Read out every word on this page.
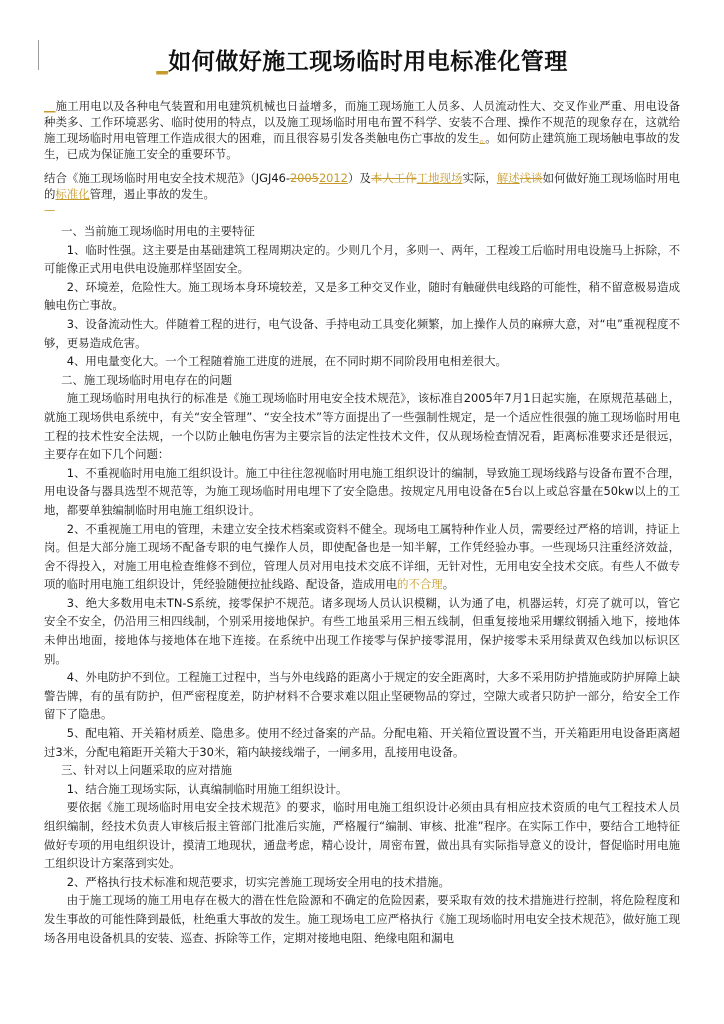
_如何做好施工现场临时用电标准化管理

__施工用电以及各种电气装置和用电建筑机械也日益增多，而施工现场施工人员多、人员流动性大、交叉作业严重、用电设备种类多、工作环境恶劣、临时使用的特点，以及施工现场临时用电布置不科学、安装不合理、操作不规范的现象存在，这就给施工现场临时用电管理工作造成很大的困难，而且很容易引发各类触电伤亡事故的发生。。如何防止建筑施工现场触电事故的发生，已成为保证施工安全的重要环节。

结合《施工现场临时用电安全技术规范》（JGJ46-20052012）及本人工作工地现场实际，解述浅谈如何做好施工现场临时用电的标准化管理，遏止事故的发生。
—

一、当前施工现场临时用电的主要特征

1、临时性强。这主要是由基础建筑工程周期决定的。少则几个月，多则一、两年，工程竣工后临时用电设施马上拆除，不可能像正式用电供电设施那样坚固安全。

2、环境差，危险性大。施工现场本身环境较差，又是多工种交叉作业，随时有触碰供电线路的可能性，稍不留意极易造成触电伤亡事故。

3、设备流动性大。伴随着工程的进行，电气设备、手持电动工具变化频繁，加上操作人员的麻痹大意，对“电”重视程度不够，更易造成危害。

4、用电量变化大。一个工程随着施工进度的进展，在不同时期不同阶段用电相差很大。

二、施工现场临时用电存在的问题

施工现场临时用电执行的标准是《施工现场临时用电安全技术规范》，该标准自2005年7月1日起实施，在原规范基础上，就施工现场供电系统中，有关“安全管理”、“安全技术”等方面提出了一些强制性规定，是一个适应性很强的施工现场临时用电工程的技术性安全法规，一个以防止触电伤害为主要宗旨的法定性技术文件，仅从现场检查情况看，距离标准要求还是很远，主要存在如下几个问题：

1、不重视临时用电施工组织设计。施工中往往忽视临时用电施工组织设计的编制，导致施工现场线路与设备布置不合理，用电设备与器具选型不规范等，为施工现场临时用电埋下了安全隐患。按规定凡用电设备在5台以上或总容量在50kw以上的工地，都要单独编制临时用电施工组织设计。

2、不重视施工用电的管理，未建立安全技术档案或资料不健全。现场电工属特种作业人员，需要经过严格的培训，持证上岗。但是大部分施工现场不配备专职的电气操作人员，即使配备也是一知半解，工作凭经验办事。一些现场只注重经济效益，舍不得投入，对施工用电检查维修不到位，管理人员对用电技术交底不详细，无针对性，无用电安全技术交底。有些人不做专项的临时用电施工组织设计，凭经验随便拉扯线路、配设备，造成用电的不合理。

3、绝大多数用电未TN-S系统，接零保护不规范。诸多现场人员认识模糊，认为通了电，机器运转，灯亮了就可以，管它安全不安全，仍沿用三相四线制，个别采用接地保护。有些工地虽采用三相五线制，但重复接地采用螺纹钢插入地下，接地体未伸出地面，接地体与接地体在地下连接。在系统中出现工作接零与保护接零混用，保护接零未采用绿黄双色线加以标识区别。

4、外电防护不到位。工程施工过程中，当与外电线路的距离小于规定的安全距离时，大多不采用防护措施或防护屏障上缺警告牌，有的虽有防护，但严密程度差，防护材料不合要求难以阻止坚硬物品的穿过，空隙大或者只防护一部分，给安全工作留下了隐患。

5、配电箱、开关箱材质差、隐患多。使用不经过备案的产品。分配电箱、开关箱位置设置不当，开关箱距用电设备距离超过3米，分配电箱距开关箱大于30米，箱内缺接线端子，一闸多用，乱接用电设备。

三、针对以上问题采取的应对措施

1、结合施工现场实际，认真编制临时用施工组织设计。

要依据《施工现场临时用电安全技术规范》的要求，临时用电施工组织设计必须由具有相应技术资质的电气工程技术人员组织编制，经技术负责人审核后报主管部门批准后实施，严格履行“编制、审核、批准”程序。在实际工作中，要结合工地特征做好专项的用电组织设计，摸清工地现状，通盘考虑，精心设计，周密布置，做出具有实际指导意义的设计，督促临时用电施工组织设计方案落到实处。

2、严格执行技术标准和规范要求，切实完善施工现场安全用电的技术措施。

由于施工现场的施工用电存在极大的潜在性危险源和不确定的危险因素，要采取有效的技术措施进行控制，将危险程度和发生事故的可能性降到最低，杜绝重大事故的发生。施工现场电工应严格执行《施工现场临时用电安全技术规范》，做好施工现场各用电设备机具的安装、巡查、拆除等工作，定期对接地电阻、绝缘电阻和漏电
